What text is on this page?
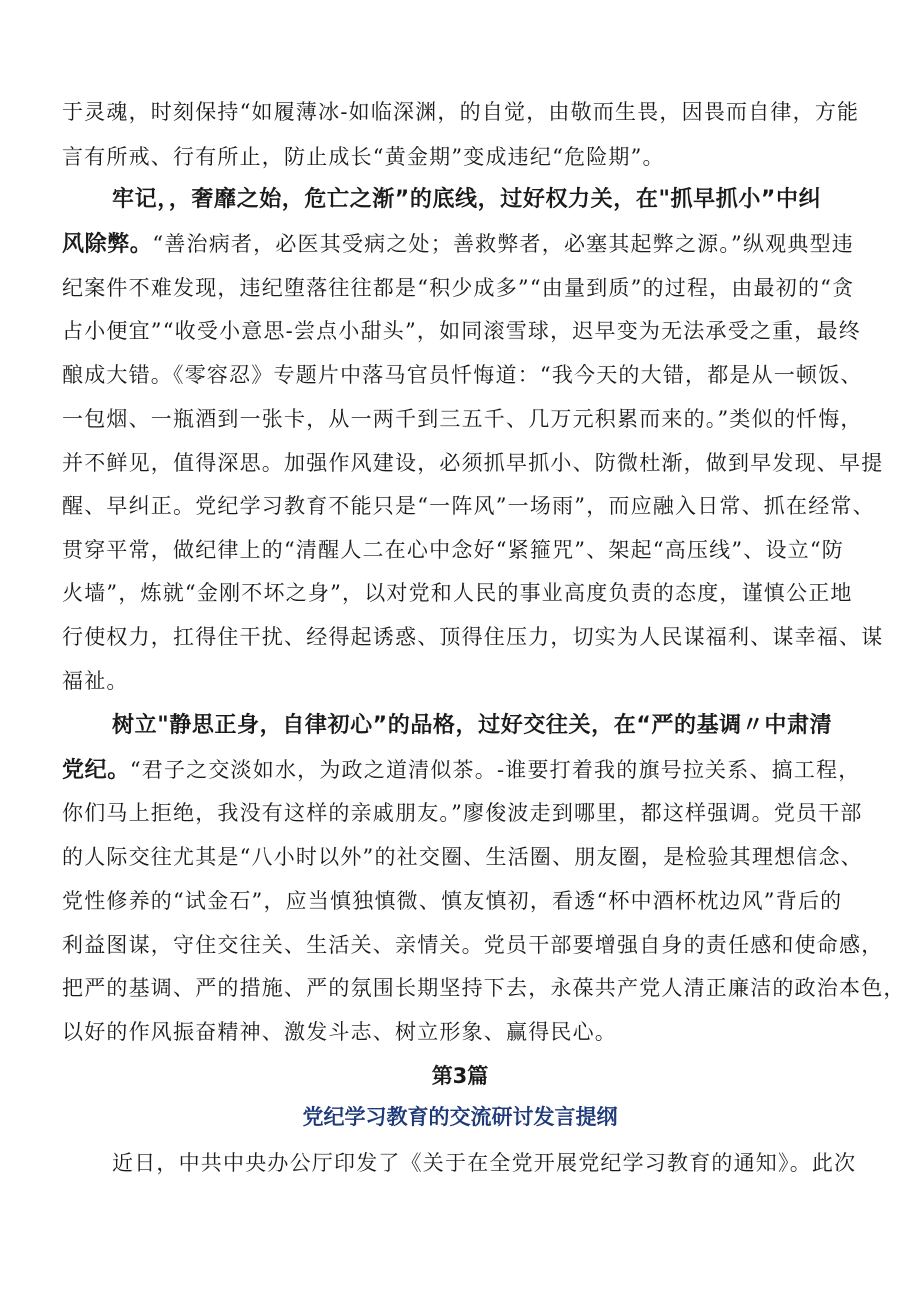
于灵魂，时刻保持“如履薄冰-如临深渊，的自觉，由敬而生畏，因畏而自律，方能
言有所戒、行有所止，防止成长“黄金期”变成违纪“危险期”。
牢记，，奢靡之始，危亡之渐”的底线，过好权力关，在"抓早抓小”中纠
风除弊。“善治病者，必医其受病之处；善救弊者，必塞其起弊之源。”纵观典型违
纪案件不难发现，违纪堕落往往都是“积少成多”“由量到质”的过程，由最初的“贪
占小便宜”“收受小意思-尝点小甜头”，如同滚雪球，迟早变为无法承受之重，最终
酿成大错。《零容忍》专题片中落马官员忏悔道：“我今天的大错，都是从一顿饭、
一包烟、一瓶酒到一张卡，从一两千到三五千、几万元积累而来的。”类似的忏悔，
并不鲜见，值得深思。加强作风建设，必须抓早抓小、防微杜渐，做到早发现、早提
醒、早纠正。党纪学习教育不能只是“一阵风”一场雨”，而应融入日常、抓在经常、
贯穿平常，做纪律上的“清醒人二在心中念好“紧箍咒”、架起“高压线”、设立“防
火墙”，炼就“金刚不坏之身”，以对党和人民的事业高度负责的态度，谨慎公正地
行使权力，扛得住干扰、经得起诱惑、顶得住压力，切实为人民谋福利、谋幸福、谋
福祉。
树立"静思正身，自律初心”的品格，过好交往关，在“严的基调〃中肃清
党纪。“君子之交淡如水，为政之道清似茶。-谁要打着我的旗号拉关系、搞工程，
你们马上拒绝，我没有这样的亲戚朋友。”廖俊波走到哪里，都这样强调。党员干部
的人际交往尤其是“八小时以外”的社交圈、生活圈、朋友圈，是检验其理想信念、
党性修养的“试金石”，应当慎独慎微、慎友慎初，看透“杯中酒杯枕边风”背后的
利益图谋，守住交往关、生活关、亲情关。党员干部要增强自身的责任感和使命感，
把严的基调、严的措施、严的氛围长期坚持下去，永葆共产党人清正廉洁的政治本色，
以好的作风振奋精神、激发斗志、树立形象、赢得民心。
第3篇
党纪学习教育的交流研讨发言提纲
近日，中共中央办公厅印发了《关于在全党开展党纪学习教育的通知》。此次
